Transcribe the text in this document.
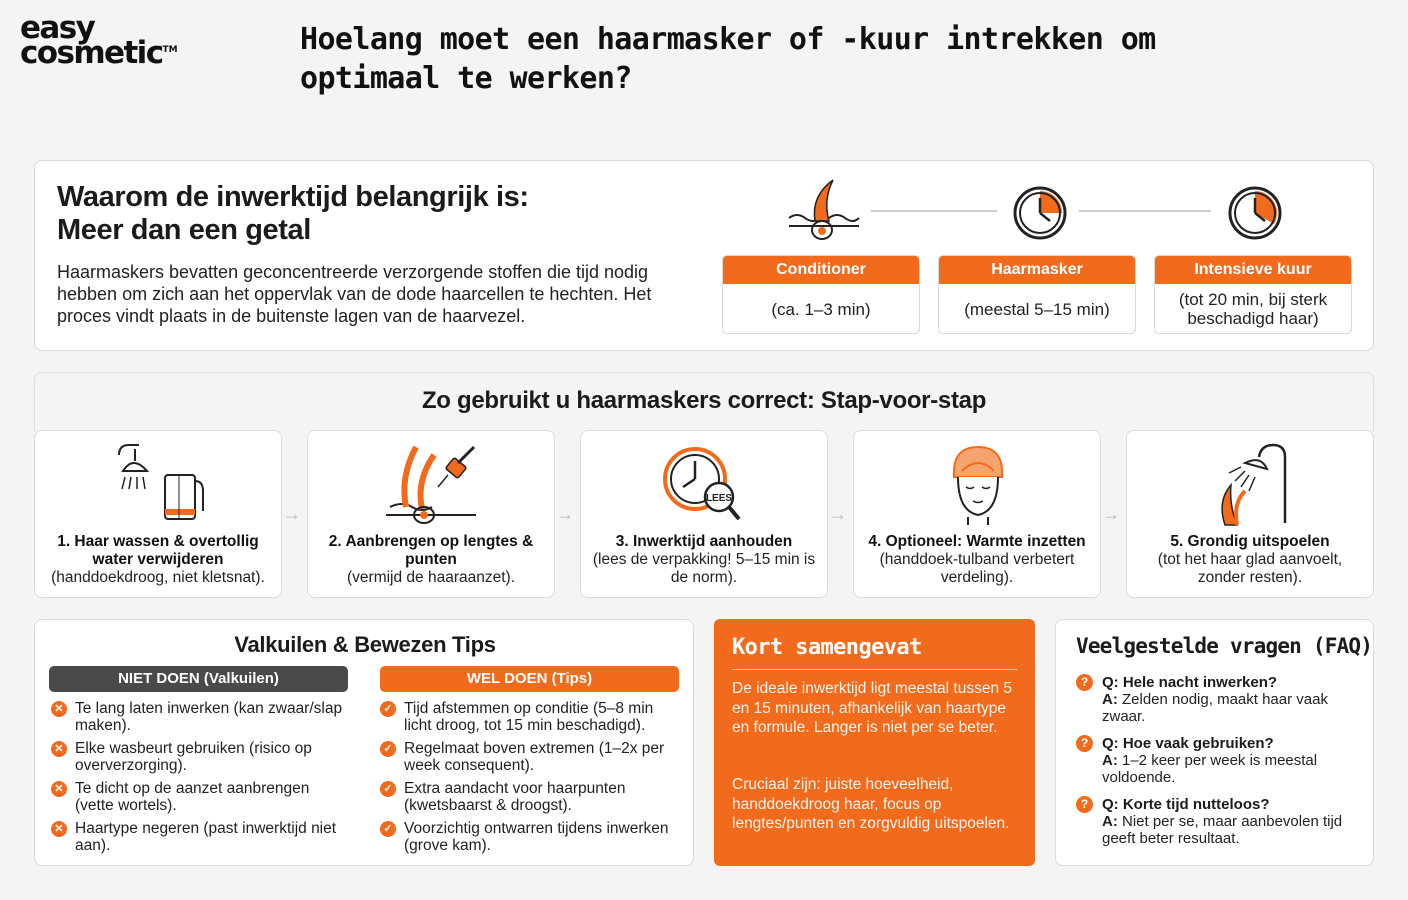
easy
cosmetic™	Hoelang moet een haarmasker of -kuur intrekken om optimaal te werken?
Waarom de inwerktijd belangrijk is:
Meer dan een getal
Haarmaskers bevatten geconcentreerde verzorgende stoffen die tijd nodig hebben om zich aan het oppervlak van de dode haarcellen te hechten. Het proces vindt plaats in de buitenste lagen van de haarvezel.
Conditioner
(ca. 1–3 min)
Haarmasker
(meestal 5–15 min)
Intensieve kuur
(tot 20 min, bij sterk beschadigd haar)
Zo gebruikt u haarmaskers correct: Stap-voor-stap
1. Haar wassen & overtollig water verwijderen
(handdoekdroog, niet kletsnat).
→
2. Aanbrengen op lengtes & punten
(vermijd de haaraanzet).
→
LEES
3. Inwerktijd aanhouden
(lees de verpakking! 5–15 min is de norm).
→
4. Optioneel: Warmte inzetten (handdoek-tulband verbetert verdeling).
→
5. Grondig uitspoelen
(tot het haar glad aanvoelt, zonder resten).
Valkuilen & Bewezen Tips
NIET DOEN (Valkuilen)
✕ Te lang laten inwerken (kan zwaar/slap maken).
✕ Elke wasbeurt gebruiken (risico op oververzorging).
✕ Te dicht op de aanzet aanbrengen (vette wortels).
✕ Haartype negeren (past inwerktijd niet aan).
WEL DOEN (Tips)
✓ Tijd afstemmen op conditie (5–8 min licht droog, tot 15 min beschadigd).
✓ Regelmaat boven extremen (1–2x per week consequent).
✓ Extra aandacht voor haarpunten (kwetsbaarst & droogst).
✓ Voorzichtig ontwarren tijdens inwerken (grove kam).
Kort samengevat
De ideale inwerktijd ligt meestal tussen 5 en 15 minuten, afhankelijk van haartype en formule. Langer is niet per se beter.
Cruciaal zijn: juiste hoeveelheid, handdoekdroog haar, focus op lengtes/punten en zorgvuldig uitspoelen.
Veelgestelde vragen (FAQ)
? Q: Hele nacht inwerken?
A: Zelden nodig, maakt haar vaak zwaar.
? Q: Hoe vaak gebruiken?
A: 1–2 keer per week is meestal voldoende.
? Q: Korte tijd nutteloos?
A: Niet per se, maar aanbevolen tijd geeft beter resultaat.
